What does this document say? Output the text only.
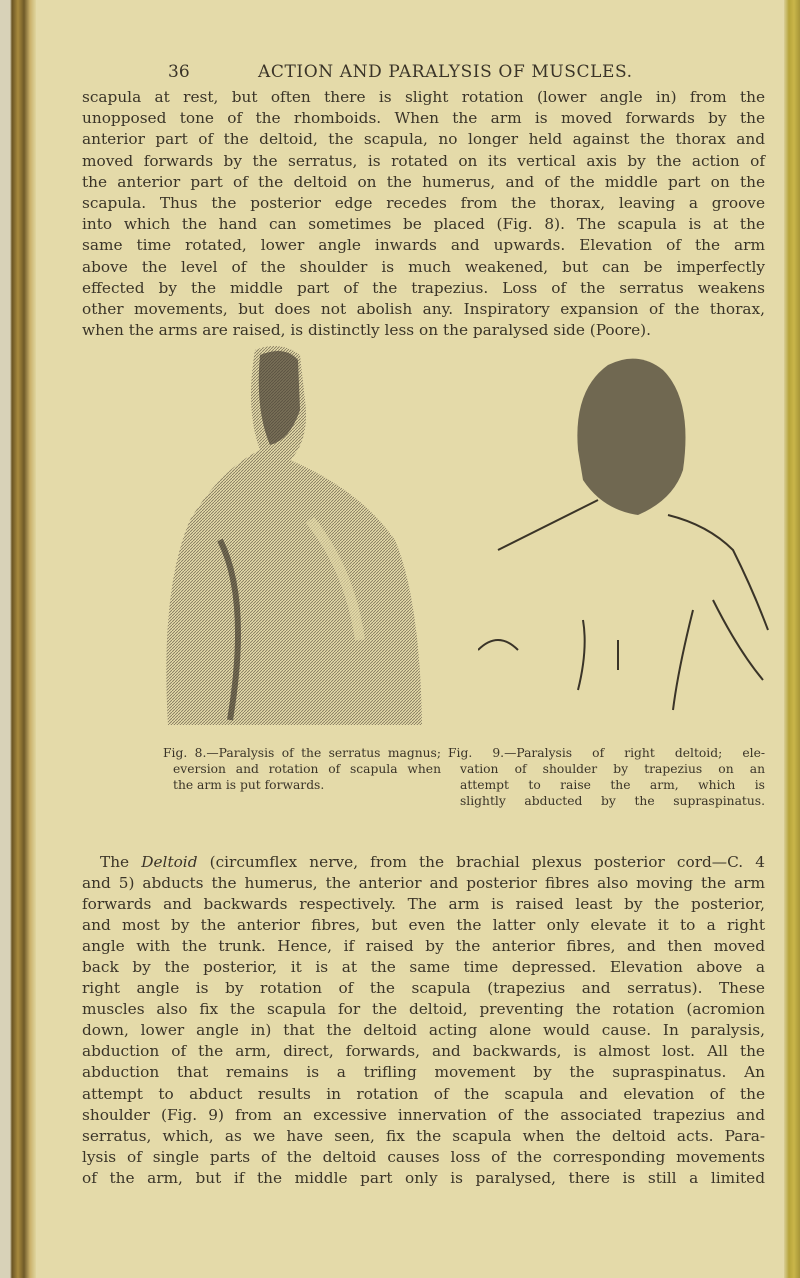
36	ACTION AND PARALYSIS OF MUSCLES.
scapula at rest, but often there is slight rotation (lower angle in) from the
unopposed tone of the rhomboids. When the arm is moved forwards by the
anterior part of the deltoid, the scapula, no longer held against the thorax and
moved forwards by the serratus, is rotated on its vertical axis by the action of
the anterior part of the deltoid on the humerus, and of the middle part on the
scapula. Thus the posterior edge recedes from the thorax, leaving a groove
into which the hand can sometimes be placed (Fig. 8). The scapula is at the
same time rotated, lower angle inwards and upwards. Elevation of the arm
above the level of the shoulder is much weakened, but can be imperfectly
effected by the middle part of the trapezius. Loss of the serratus weakens
other movements, but does not abolish any. Inspiratory expansion of the thorax,
when the arms are raised, is distinctly less on the paralysed side (Poore).
Fig. 8.—Paralysis of the serratus magnus;
eversion and rotation of scapula when
the arm is put forwards.
Fig. 9.—Paralysis of right deltoid; ele-
vation of shoulder by trapezius on an
attempt to raise the arm, which is
slightly abducted by the supraspinatus.
The Deltoid (circumflex nerve, from the brachial plexus posterior cord—C. 4
and 5) abducts the humerus, the anterior and posterior fibres also moving the arm
forwards and backwards respectively. The arm is raised least by the posterior,
and most by the anterior fibres, but even the latter only elevate it to a right
angle with the trunk. Hence, if raised by the anterior fibres, and then moved
back by the posterior, it is at the same time depressed. Elevation above a
right angle is by rotation of the scapula (trapezius and serratus). These
muscles also fix the scapula for the deltoid, preventing the rotation (acromion
down, lower angle in) that the deltoid acting alone would cause. In paralysis,
abduction of the arm, direct, forwards, and backwards, is almost lost. All the
abduction that remains is a trifling movement by the supraspinatus. An
attempt to abduct results in rotation of the scapula and elevation of the
shoulder (Fig. 9) from an excessive innervation of the associated trapezius and
serratus, which, as we have seen, fix the scapula when the deltoid acts. Para-
lysis of single parts of the deltoid causes loss of the corresponding movements
of the arm, but if the middle part only is paralysed, there is still a limited
